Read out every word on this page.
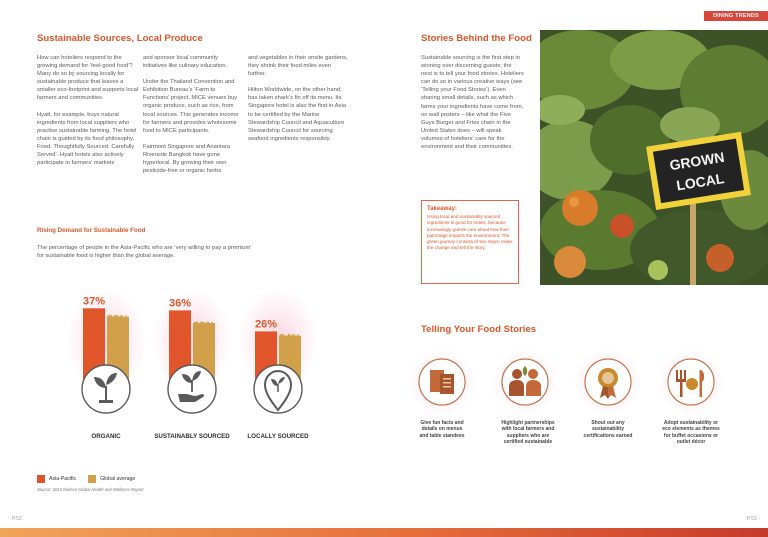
DINING TRENDS
Sustainable Sources, Local Produce

How can hoteliers respond to the growing demand for ‘feel-good food’? Many do so by sourcing locally for sustainable produce that leaves a smaller eco-footprint and supports local farmers and communities.

Hyatt, for example, buys natural ingredients from local suppliers who practise sustainable farming. The hotel chain is guided by its food philosophy, Food. Thoughtfully Sourced. Carefully Served’. Hyatt hotels also actively participate in farmers’ markets

and sponsor local community initiatives like culinary education.

Under the Thailand Convention and Exhibition Bureau’s ‘Farm to Functions’ project, MICE venues buy organic produce, such as rice, from local sources. This generates income for farmers and provides wholesome food to MICE participants.

Fairmont Singapore and Anantara Riverside Bangkok have gone hyperlocal. By growing their own pesticide-free or organic herbs

and vegetables in their onsite gardens, they shrink their food miles even further.

Hilton Worldwide, on the other hand, has taken shark’s fin off its menu. Its Singapore hotel is also the first in Asia to be certified by the Marine Stewardship Council and Aquaculture Stewardship Council for sourcing seafood ingredients responsibly.

Rising Demand for Sustainable Food
The percentage of people in the Asia-Pacific who are ‘very willing to pay a premium’ for sustainable food is higher than the global average.
37%	36%
26%
33%
30%
24%
ORGANIC	SUSTAINABLY SOURCED	LOCALLY SOURCED
Asia-Pacific	Global average
Source: 2015 Nielsen Global Health and Wellness Report
P.52
Stories Behind the Food

Sustainable sourcing is the first step in winning over discerning guests; the next is to tell your food stories. Hoteliers can do so in various creative ways (see ‘Telling your Food Stories’). Even sharing small details, such as which farms your ingredients have come from, on wall posters – like what the Five Guys Burger and Fries chain in the United States does – will speak volumes of hoteliers’ care for the environment and their communities.

GROWN
LOCAL

Takeaway:

Using local and sustainably sourced ingredients is good for hotels, because increasingly guests care about how their patronage impacts the environment. The green journey consists of two steps: make the change and tell the story.

Telling Your Food Stories
Give fun facts and details on menus and table standees
Highlight partnerships with local farmers and suppliers who are certified sustainable
Shout out any sustainability certifications earned
Adopt sustainability or eco elements as themes for buffet occasions or outlet décor
P.53
